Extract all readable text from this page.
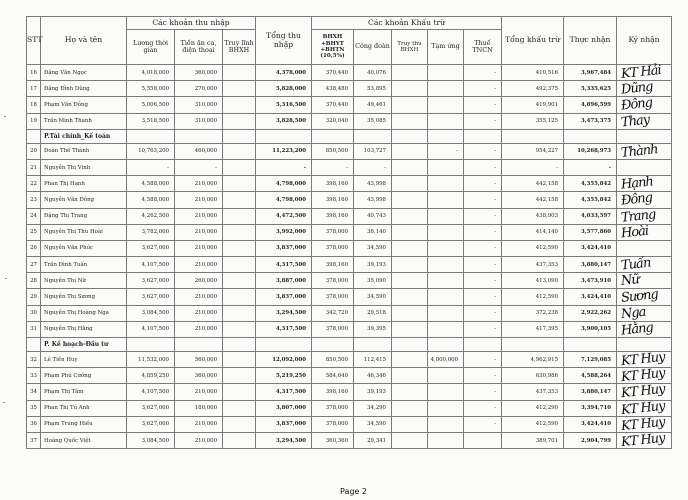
STT	Họ và tên	Các khoản thu nhập			Tổng thu nhập	Các khoản Khấu trừ					Tổng khấu trừ	Thực nhận	Ký nhận
		Lương thời gian	Tiền ăn ca, điện thoại	Truy lĩnh BHXH		BHXH +BHYT +BHTN (10,5%)	Công đoàn	Truy thu BHXH	Tạm ứng	Thuế TNCN			
16	Đặng Văn Ngọc	4,018,000	360,000		4,378,000	370,440	40,076			-	410,516	3,967,484	KT Hải

17	Đặng Đình Dũng	5,558,000	270,000		5,828,000	438,480	53,895			-	492,375	5,335,625	Dũng

18	Phạm Văn Đông	5,006,500	310,000		5,316,500	370,440	49,461			-	419,901	4,896,599	Đông

19	Trần Minh Thanh	3,518,500	310,000		3,828,500	320,040	35,085			-	355,125	3,473,375	Thay

	P.Tài chính_Kế toán												
20	Đoàn Thế Thành	10,763,200	460,000		11,223,200	850,500	103,727		-	-	954,227	10,268,973	Thành

21	Nguyễn Thị Vinh	-	-		-	-	-			-	-	-	

22	Phan Thị Hạnh	4,588,000	210,000		4,798,000	398,160	43,998			-	442,158	4,355,842	Hạnh

23	Nguyễn Văn Đông	4,588,000	210,000		4,798,000	398,160	43,998			-	442,158	4,355,842	Đông

24	Đặng Thị Trang	4,262,500	210,000		4,472,500	398,160	40,743			-	438,903	4,033,597	Trang

25	Nguyễn Thị Thu Hoài	3,782,000	210,000		3,992,000	378,000	36,140			-	414,140	3,577,860	Hoài

26	Nguyễn Văn Phúc	3,627,000	210,000		3,837,000	378,000	34,590			-	412,590	3,424,410	

27	Trần Đình Tuấn	4,107,500	210,000		4,317,500	398,160	39,193			-	437,353	3,880,147	Tuấn

28	Nguyễn Thị Nữ	3,627,000	260,000		3,887,000	378,000	35,090			-	413,090	3,473,910	Nữ

29	Nguyễn Thị Sương	3,627,000	210,000		3,837,000	378,000	34,590			-	412,590	3,424,410	Sương

30	Nguyễn Thị Hoàng Nga	3,084,500	210,000		3,294,500	342,720	29,518			-	372,238	2,922,262	Nga

31	Nguyễn Thị Hằng	4,107,500	210,000		4,317,500	378,000	39,395			-	417,395	3,900,105	Hằng

	P. Kế hoạch-Đầu tư												
32	Lê Tiến Huy	11,532,000	560,000		12,092,000	850,500	112,415		4,000,000	-	4,962,915	7,129,085	KT Huy

33	Phạm Phú Cường	4,859,250	360,000		5,219,250	584,640	46,346			-	630,986	4,588,264	KT Huy

34	Phạm Thị Tâm	4,107,500	210,000		4,317,500	398,160	39,193			-	437,353	3,880,147	KT Huy

35	Phan Thị Tú Anh	3,627,000	180,000		3,807,000	378,000	34,290			-	412,290	3,394,710	KT Huy

36	Phạm Trung Hiếu	3,627,000	210,000		3,837,000	378,000	34,590			-	412,590	3,424,410	KT Huy

37	Hoàng Quốc Việt	3,084,500	210,000		3,294,500	360,360	29,341				389,701	2,904,799	KT Huy
Page 2
